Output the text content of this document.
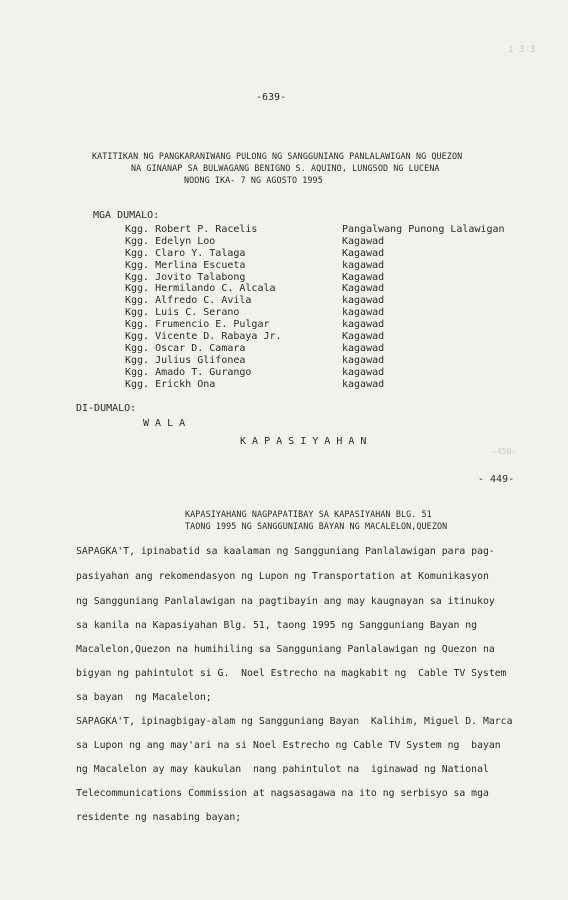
1 3 3
-450-
-639-
KATITIKAN NG PANGKARANIWANG PULONG NG SANGGUNIANG PANLALAWIGAN NG QUEZON
NA GINANAP SA BULWAGANG BENIGNO S. AQUINO, LUNGSOD NG LUCENA
NOONG IKA- 7 NG AGOSTO 1995
MGA DUMALO:
Kgg. Robert P. Racelis	Pangalwang Punong Lalawigan
Kgg. Edelyn Loo	Kagawad
Kgg. Claro Y. Talaga	Kagawad
Kgg. Merlina Escueta	kagawad
Kgg. Jovito Talabong	Kagawad
Kgg. Hermilando C. Alcala	Kagawad
Kgg. Alfredo C. Avila	kagawad
Kgg. Luis C. Serano	kagawad
Kgg. Frumencio E. Pulgar	kagawad
Kgg. Vicente D. Rabaya Jr.	Kagawad
Kgg. Oscar D. Camara	kagawad
Kgg. Julius Glifonea	kagawad
Kgg. Amado T. Gurango	kagawad
Kgg. Erickh Ona	kagawad
DI-DUMALO:
W A L A
K A P A S I Y A H A N
- 449-
KAPASIYAHANG NAGPAPATIBAY SA KAPASIYAHAN BLG. 51
TAONG 1995 NG SANGGUNIANG BAYAN NG MACALELON,QUEZON
SAPAGKA'T, ipinabatid sa kaalaman ng Sangguniang Panlalawigan para pag-
pasiyahan ang rekomendasyon ng Lupon ng Transportation at Komunikasyon
ng Sangguniang Panlalawigan na pagtibayin ang may kaugnayan sa itinukoy
sa kanila na Kapasiyahan Blg. 51, taong 1995 ng Sangguniang Bayan ng
Macalelon,Quezon na humihiling sa Sangguniang Panlalawigan ng Quezon na
bigyan ng pahintulot si G.  Noel Estrecho na magkabit ng  Cable TV System
sa bayan  ng Macalelon;
SAPAGKA'T, ipinagbigay-alam ng Sangguniang Bayan  Kalihim, Miguel D. Marca
sa Lupon ng ang may'ari na si Noel Estrecho ng Cable TV System ng  bayan
ng Macalelon ay may kaukulan  nang pahintulot na  iginawad ng National
Telecommunications Commission at nagsasagawa na ito ng serbisyo sa mga
residente ng nasabing bayan;
